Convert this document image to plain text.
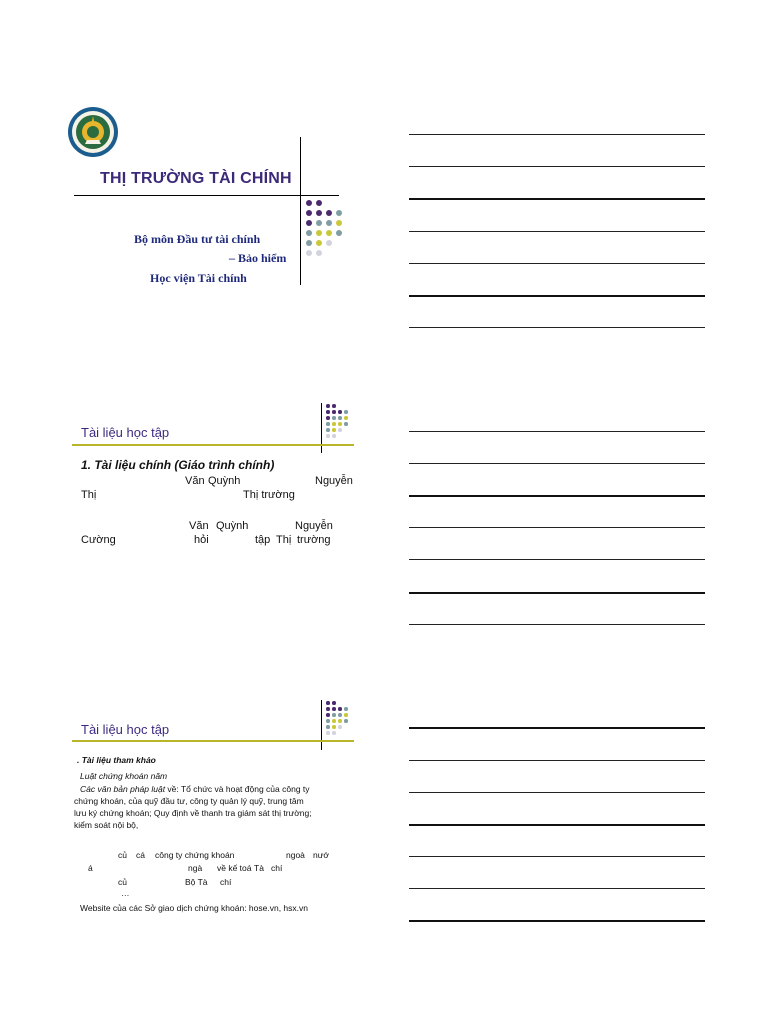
THỊ TRƯỜNG TÀI CHÍNH
Bộ môn Đầu tư tài chính
– Bảo hiểm
Học viện Tài chính
Tài liệu học tập
1. Tài liệu chính (Giáo trình chính)
Văn Quỳnh	Nguyễn
Thị	Thị trường
Văn Quỳnh	Nguyễn
Cường	hỏi	tập Thị trường
Tài liệu học tập
. Tài liệu tham khảo
Luật chứng khoán năm
Các văn bản pháp luật về: Tổ chức và hoạt động của công ty
chứng khoán, của quỹ đầu tư, công ty quản lý quỹ, trung tâm
lưu ký chứng khoán; Quy định về thanh tra giám sát thị trường;
kiểm soát nội bộ,
củ cá công ty chứng khoán	ngoà nướ
á	ngà về kế toá Tà chí
củ	Bộ Tà chí
…
Website của các Sở giao dịch chứng khoán: hose.vn, hsx.vn
